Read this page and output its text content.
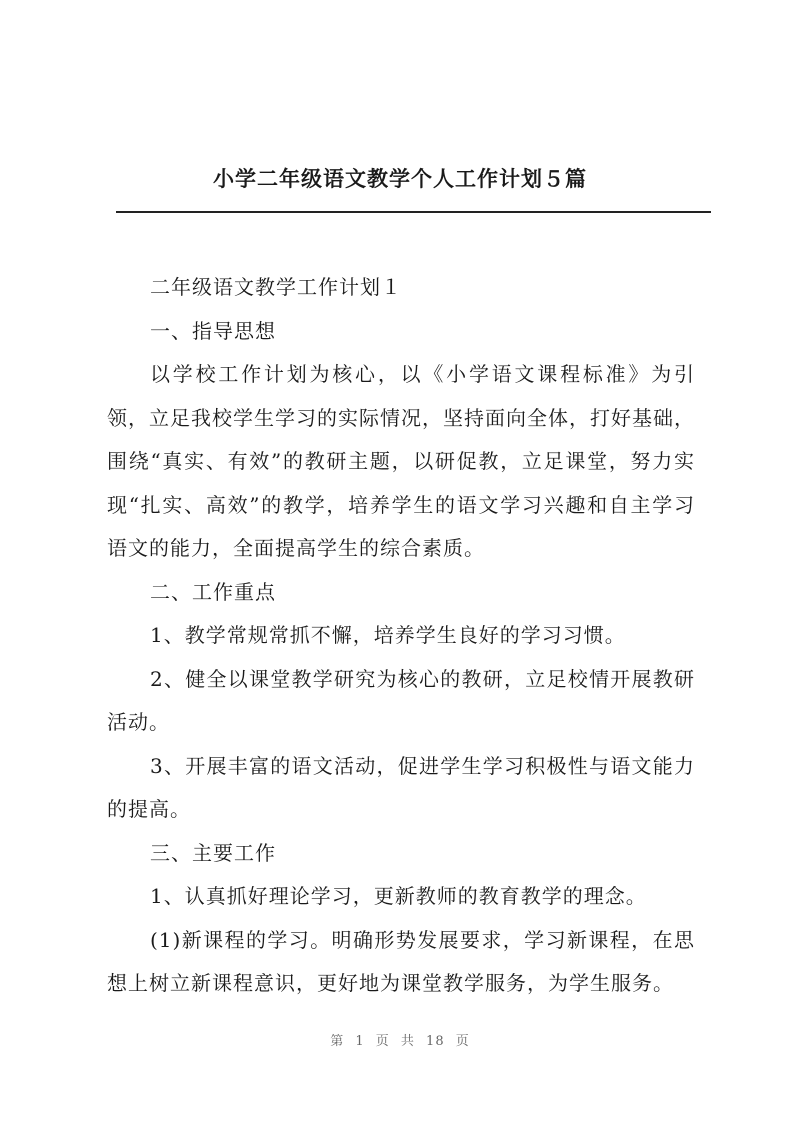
小学二年级语文教学个人工作计划５篇

二年级语文教学工作计划１

一、指导思想

以学校工作计划为核心，以《小学语文课程标准》为引领，立足我校学生学习的实际情况，坚持面向全体，打好基础，围绕“真实、有效”的教研主题，以研促教，立足课堂，努力实现“扎实、高效”的教学，培养学生的语文学习兴趣和自主学习语文的能力，全面提高学生的综合素质。

二、工作重点

1、教学常规常抓不懈，培养学生良好的学习习惯。

2、健全以课堂教学研究为核心的教研，立足校情开展教研活动。

3、开展丰富的语文活动，促进学生学习积极性与语文能力的提高。

三、主要工作

1、认真抓好理论学习，更新教师的教育教学的理念。

(1)新课程的学习。明确形势发展要求，学习新课程，在思想上树立新课程意识，更好地为课堂教学服务，为学生服务。

第 1 页 共 18 页
